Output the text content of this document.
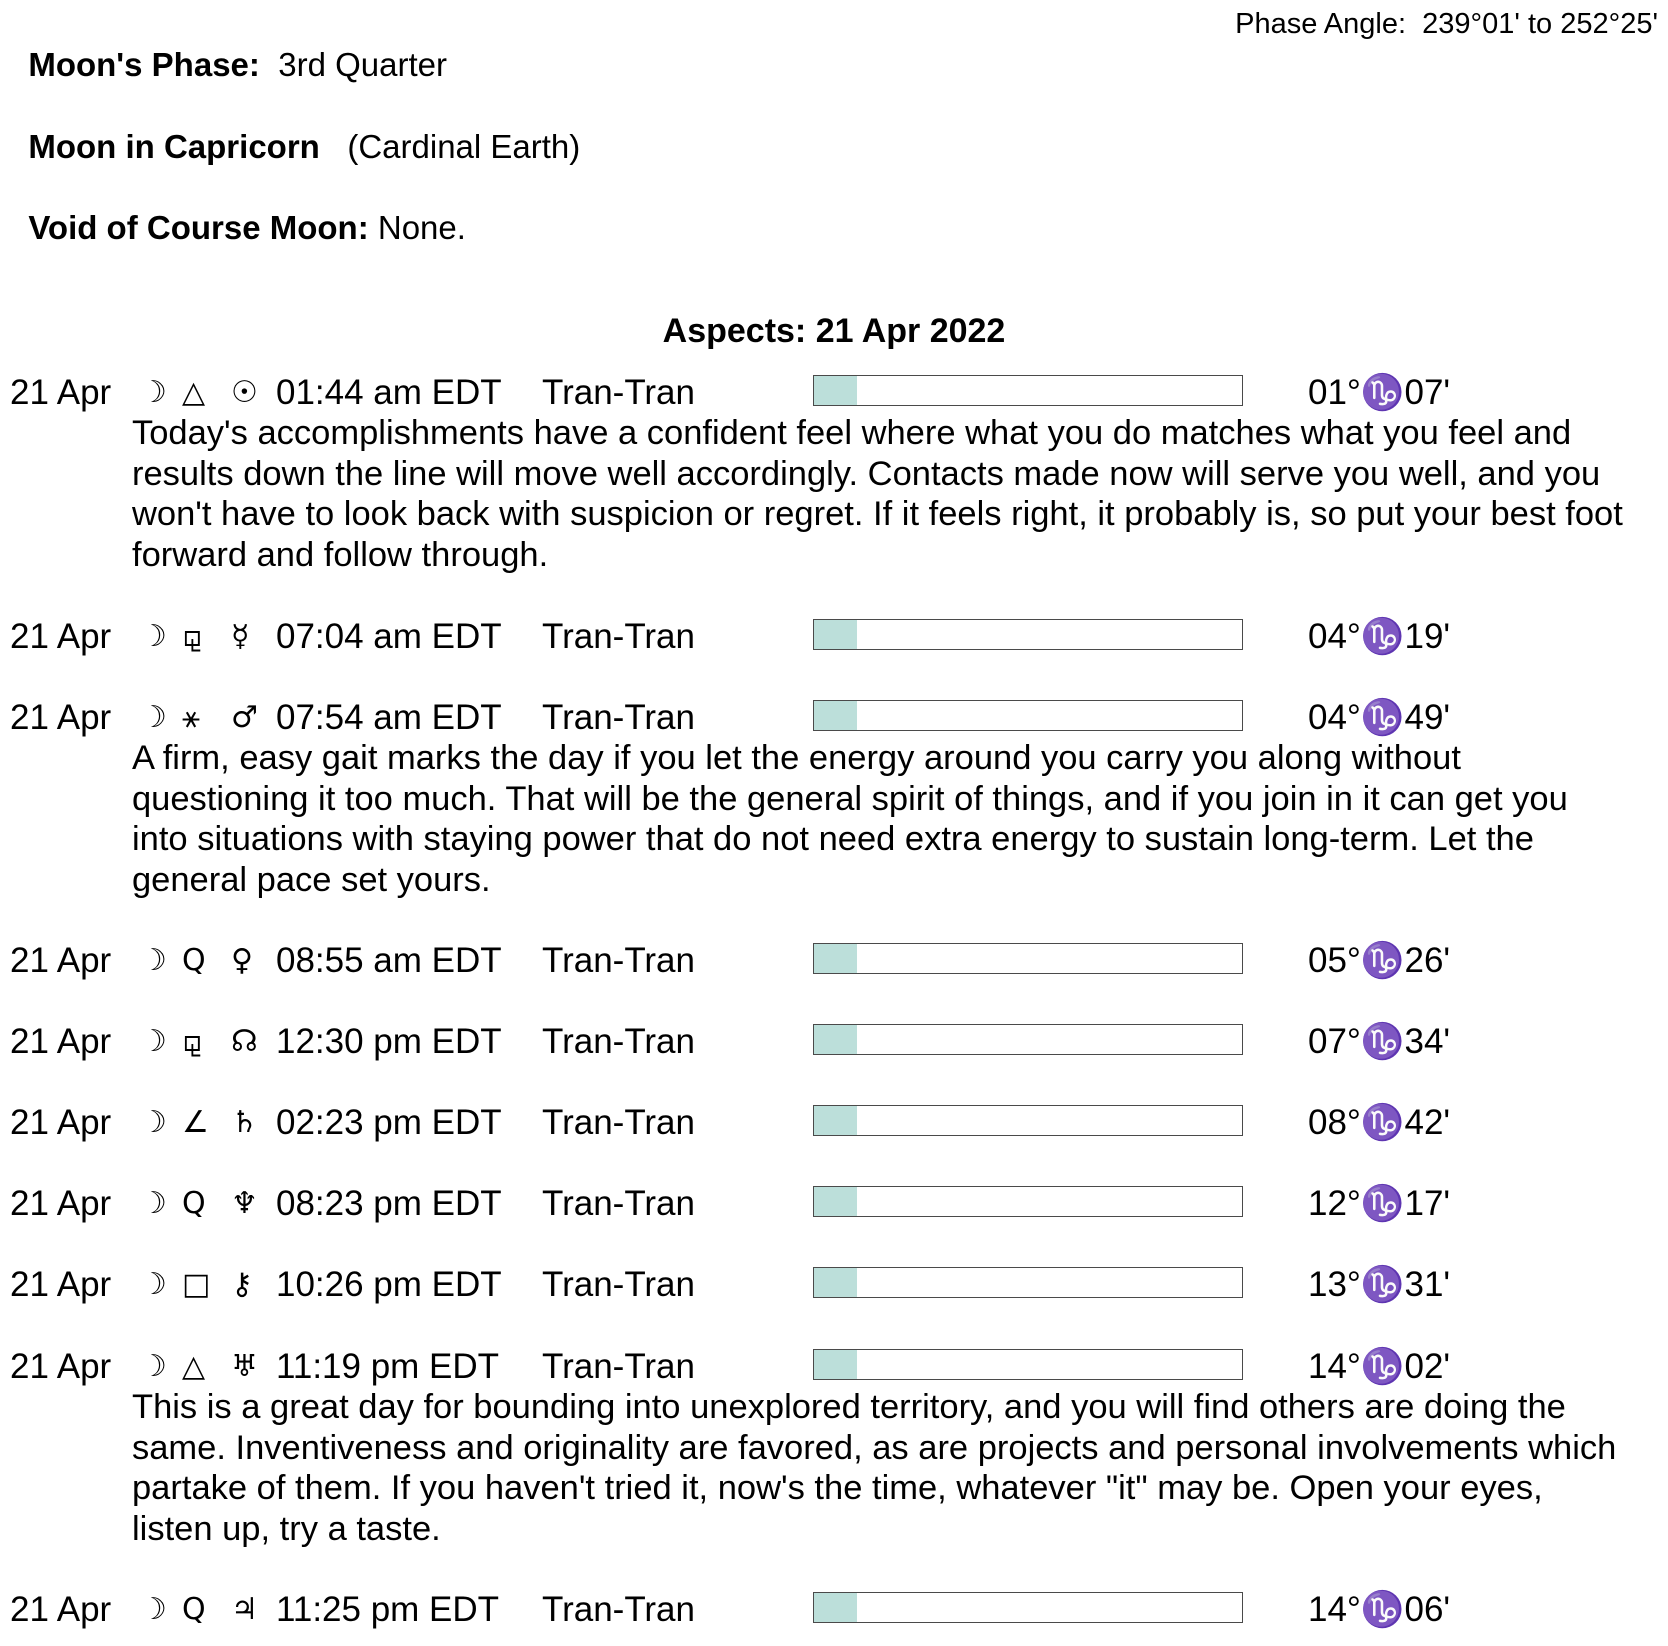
Moon's Phase: 3rd Quarter

Phase Angle:  239°01' to 252°25'

Moon in Capricorn (Cardinal Earth)

Void of Course Moon: None.

Aspects: 21 Apr 2022
21 Apr ☽ △ ☉ 01:44 am EDT Tran-Tran	01°♑07'
Today's accomplishments have a confident feel where what you do matches what you feel and results down the line will move well accordingly. Contacts made now will serve you well, and you won't have to look back with suspicion or regret. If it feels right, it probably is, so put your best foot forward and follow through.
21 Apr ☽ ⚼ ☿ 07:04 am EDT Tran-Tran	04°♑19'
21 Apr ☽ ⚹ ♂ 07:54 am EDT Tran-Tran	04°♑49'
A firm, easy gait marks the day if you let the energy around you carry you along without questioning it too much. That will be the general spirit of things, and if you join in it can get you into situations with staying power that do not need extra energy to sustain long-term. Let the general pace set yours.
21 Apr ☽ Q ♀ 08:55 am EDT Tran-Tran	05°♑26'
21 Apr ☽ ⚼ ☊ 12:30 pm EDT Tran-Tran	07°♑34'
21 Apr ☽ ∠ ♄ 02:23 pm EDT Tran-Tran	08°♑42'
21 Apr ☽ Q ♆ 08:23 pm EDT Tran-Tran	12°♑17'
21 Apr ☽ □ ⚷ 10:26 pm EDT Tran-Tran	13°♑31'
21 Apr ☽ △ ♅ 11:19 pm EDT Tran-Tran	14°♑02'
This is a great day for bounding into unexplored territory, and you will find others are doing the same. Inventiveness and originality are favored, as are projects and personal involvements which partake of them. If you haven't tried it, now's the time, whatever "it" may be. Open your eyes, listen up, try a taste.
21 Apr ☽ Q ♃ 11:25 pm EDT Tran-Tran	14°♑06'
